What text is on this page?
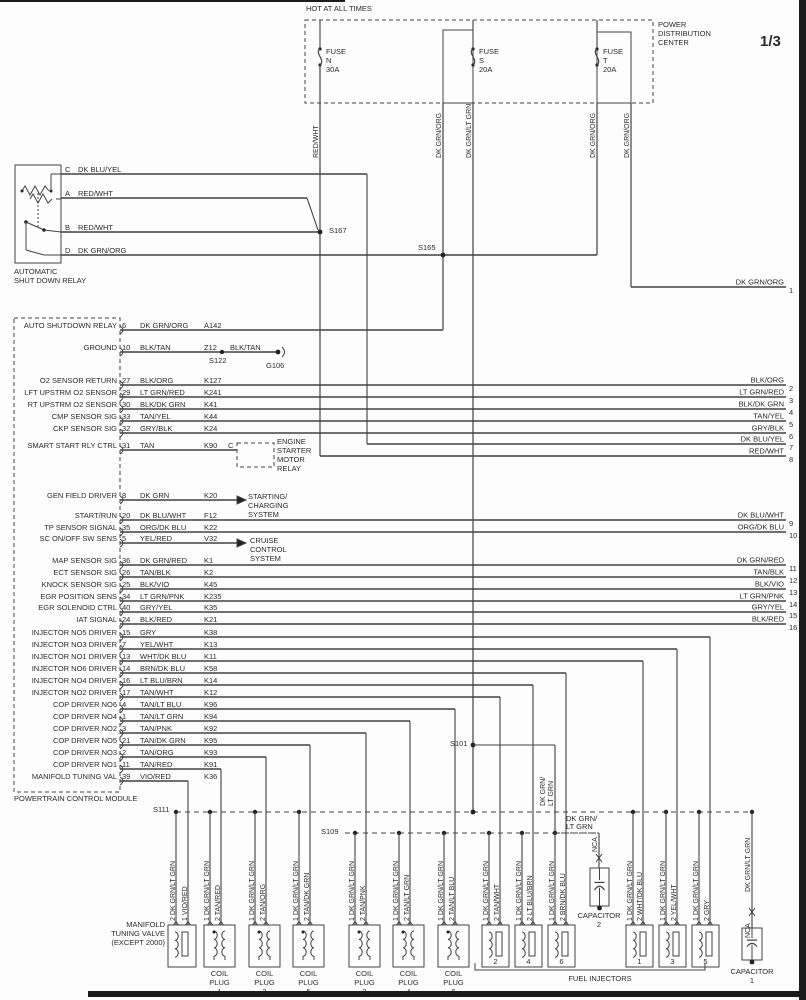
FUSE
N
30A
FUSE
S
20A
FUSE
T
20A
RED/WHT	DK GRN/ORG	DK GRN/LT GRN	DK GRN/ORG	DK GRN/ORG
C DK BLU/YEL
A RED/WHT
B RED/WHT
D DK GRN/ORG
DK GRN/ORG
1
DK BLU/YEL
7
RED/WHT
8
AUTO SHUTDOWN RELAY 6 DK GRN/ORG A142
GROUND 10 BLK/TAN	Z12 BLK/TAN
O2 SENSOR RETURN 27 BLK/ORG	K127	BLK/ORG
2
LFT UPSTRM O2 SENSOR 29 LT GRN/RED	K241	LT GRN/RED
3
RT UPSTRM O2 SENSOR 30 BLK/DK GRN K41	BLK/DK GRN
4
CMP SENSOR SIG 33 TAN/YEL	K44	TAN/YEL
5
CKP SENSOR SIG 32 GRY/BLK	K24	GRY/BLK
6
SMART START RLY CTRL 31 TAN	K90 C
GEN FIELD DRIVER 8 DK GRN	K20
START/RUN 20 DK BLU/WHT F12	DK BLU/WHT
9
TP SENSOR SIGNAL 35 ORG/DK BLU K22	ORG/DK BLU
10
SC ON/OFF SW SENS 5 YEL/RED	V32
MAP SENSOR SIG 36 DK GRN/RED K1	DK GRN/RED
11
ECT SENSOR SIG 26 TAN/BLK	K2	TAN/BLK
12
KNOCK SENSOR SIG 25 BLK/VIO	K45	BLK/VIO
13
EGR POSITION SENS 34 LT GRN/PNK	K235	LT GRN/PNK
14
EGR SOLENOID CTRL 40 GRY/YEL	K35	GRY/YEL
15
IAT SIGNAL 24 BLK/RED	K21	BLK/RED
16
INJECTOR NO5 DRIVER 15 GRY	K38
INJECTOR NO3 DRIVER 7 YEL/WHT	K13
INJECTOR NO1 DRIVER 13 WHT/DK BLU K11
INJECTOR NO6 DRIVER 14 BRN/DK BLU	K58
INJECTOR NO4 DRIVER 16 LT BLU/BRN	K14
INJECTOR NO2 DRIVER 17 TAN/WHT	K12
COP DRIVER NO6 4 TAN/LT BLU	K96
COP DRIVER NO4 1 TAN/LT GRN	K94
COP DRIVER NO2 3 TAN/PNK	K92
COP DRIVER NO5 21 TAN/DK GRN K95
COP DRIVER NO3 2 TAN/ORG	K93
COP DRIVER NO1 11 TAN/RED	K91
MANIFOLD TUNING VAL 39 VIO/RED	K36
DK GRN/ LT GRN
2 DK GRN/LT GRN 1 VIO/RED 1 DK GRN/LT GRN 2 TAN/RED
COIL
PLUG
1 DK GRN/LT GRN 2 TAN/ORG
COIL
PLUG
1 DK GRN/LT GRN 2 TAN/DK GRN
COIL
PLUG
1 DK GRN/LT GRN 2 TAN/PNK
COIL
PLUG
1 DK GRN/LT GRN 2 TAN/LT GRN
COIL
PLUG
1 DK GRN/LT GRN 2 TAN/LT BLU
COIL
PLUG
1 DK GRN/LT GRN 2 TAN/WHT
2
1 DK GRN/LT GRN 2 LT BLU/BRN
4
1 DK GRN/LT GRN 2 BRN/DK BLU
6
1 DK GRN/LT GRN 2 WHT/DK BLU
1
1 DK GRN/LT GRN 2 YEL/WHT
3
1 DK GRN/LT GRN 2 GRY
5
NCA	DK GRN/LT GRN
NCA
HOT AT ALL TIMES
POWER
DISTRIBUTION
CENTER	1/3
AUTOMATIC
SHUT DOWN RELAY
ENGINE
STARTER
MOTOR
RELAY
STARTING/
CHARGING
SYSTEM
CRUISE
CONTROL
SYSTEM
S167
S165
S122
G106
S101
S111
S109
POWERTRAIN CONTROL MODULE
MANIFOLD
TUNING VALVE
(EXCEPT 2000)
FUEL INJECTORS
CAPACITOR
2
CAPACITOR
1
DK GRN/
LT GRN
